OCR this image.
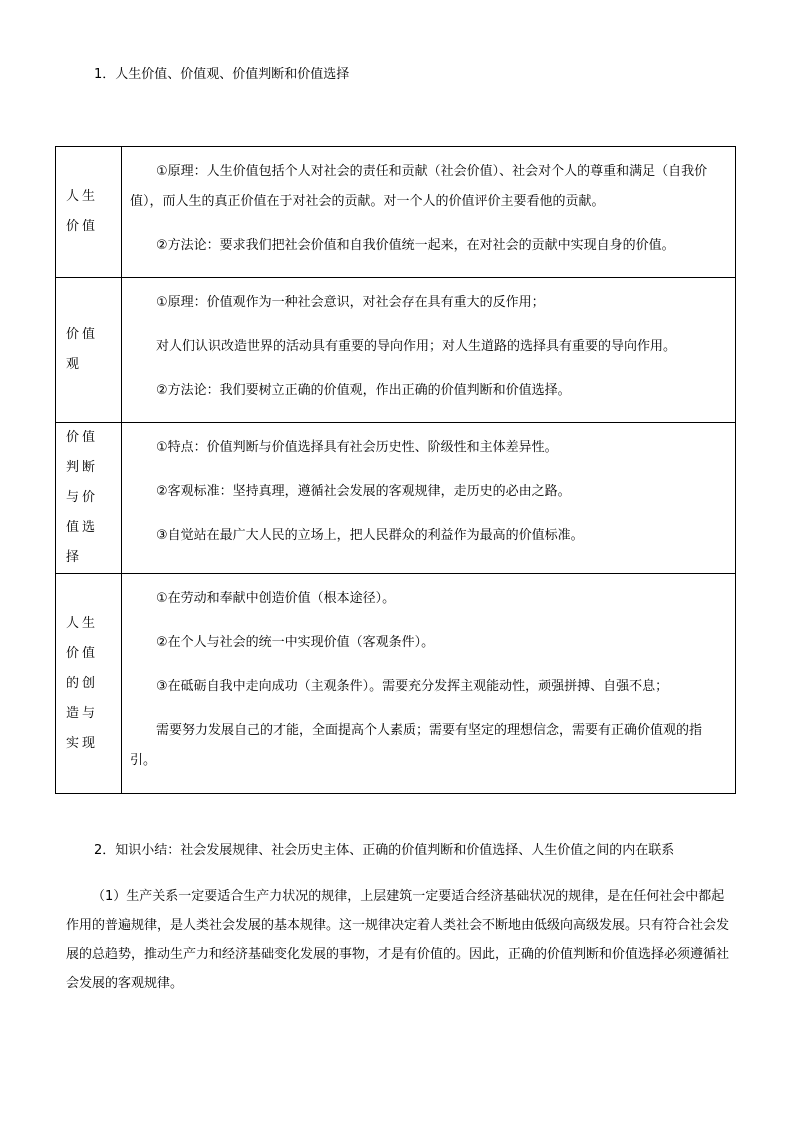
1．人生价值、价值观、价值判断和价值选择
人生价值	①原理：人生价值包括个人对社会的责任和贡献（社会价值）、社会对个人的尊重和满足（自我价值），而人生的真正价值在于对社会的贡献。对一个人的价值评价主要看他的贡献。

②方法论：要求我们把社会价值和自我价值统一起来，在对社会的贡献中实现自身的价值。

价值观	①原理：价值观作为一种社会意识，对社会存在具有重大的反作用；

对人们认识改造世界的活动具有重要的导向作用；对人生道路的选择具有重要的导向作用。

②方法论：我们要树立正确的价值观，作出正确的价值判断和价值选择。

价值判断与价值选择	①特点：价值判断与价值选择具有社会历史性、阶级性和主体差异性。

②客观标准：坚持真理，遵循社会发展的客观规律，走历史的必由之路。

③自觉站在最广大人民的立场上，把人民群众的利益作为最高的价值标准。

人生价值的创造与实现	①在劳动和奉献中创造价值（根本途径）。

②在个人与社会的统一中实现价值（客观条件）。

③在砥砺自我中走向成功（主观条件）。需要充分发挥主观能动性，顽强拼搏、自强不息；

需要努力发展自己的才能，全面提高个人素质；需要有坚定的理想信念，需要有正确价值观的指引。

2．知识小结：社会发展规律、社会历史主体、正确的价值判断和价值选择、人生价值之间的内在联系

（1）生产关系一定要适合生产力状况的规律，上层建筑一定要适合经济基础状况的规律，是在任何社会中都起作用的普遍规律，是人类社会发展的基本规律。这一规律决定着人类社会不断地由低级向高级发展。只有符合社会发展的总趋势，推动生产力和经济基础变化发展的事物，才是有价值的。因此，正确的价值判断和价值选择必须遵循社会发展的客观规律。
